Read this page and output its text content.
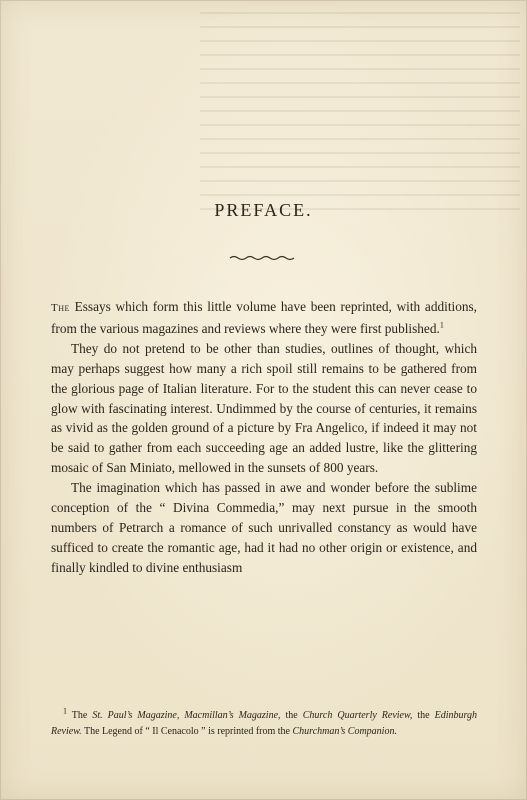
PREFACE.

The Essays which form this little volume have been reprinted, with additions, from the various magazines and reviews where they were first published.$^1$

They do not pretend to be other than studies, outlines of thought, which may perhaps suggest how many a rich spoil still remains to be gathered from the glorious page of Italian literature. For to the student this can never cease to glow with fascinating interest. Undimmed by the course of centuries, it remains as vivid as the golden ground of a picture by Fra Angelico, if indeed it may not be said to gather from each succeeding age an added lustre, like the glittering mosaic of San Miniato, mellowed in the sunsets of 800 years.

The imagination which has passed in awe and wonder before the sublime conception of the “ Divina Commedia,” may next pursue in the smooth numbers of Petrarch a romance of such unrivalled constancy as would have sufficed to create the romantic age, had it had no other origin or existence, and finally kindled to divine enthusiasm

$^1$ The St. Paul’s Magazine, Macmillan’s Magazine, the Church Quarterly Review, the Edinburgh Review. The Legend of “ Il Cenacolo ” is reprinted from the Churchman’s Companion.
